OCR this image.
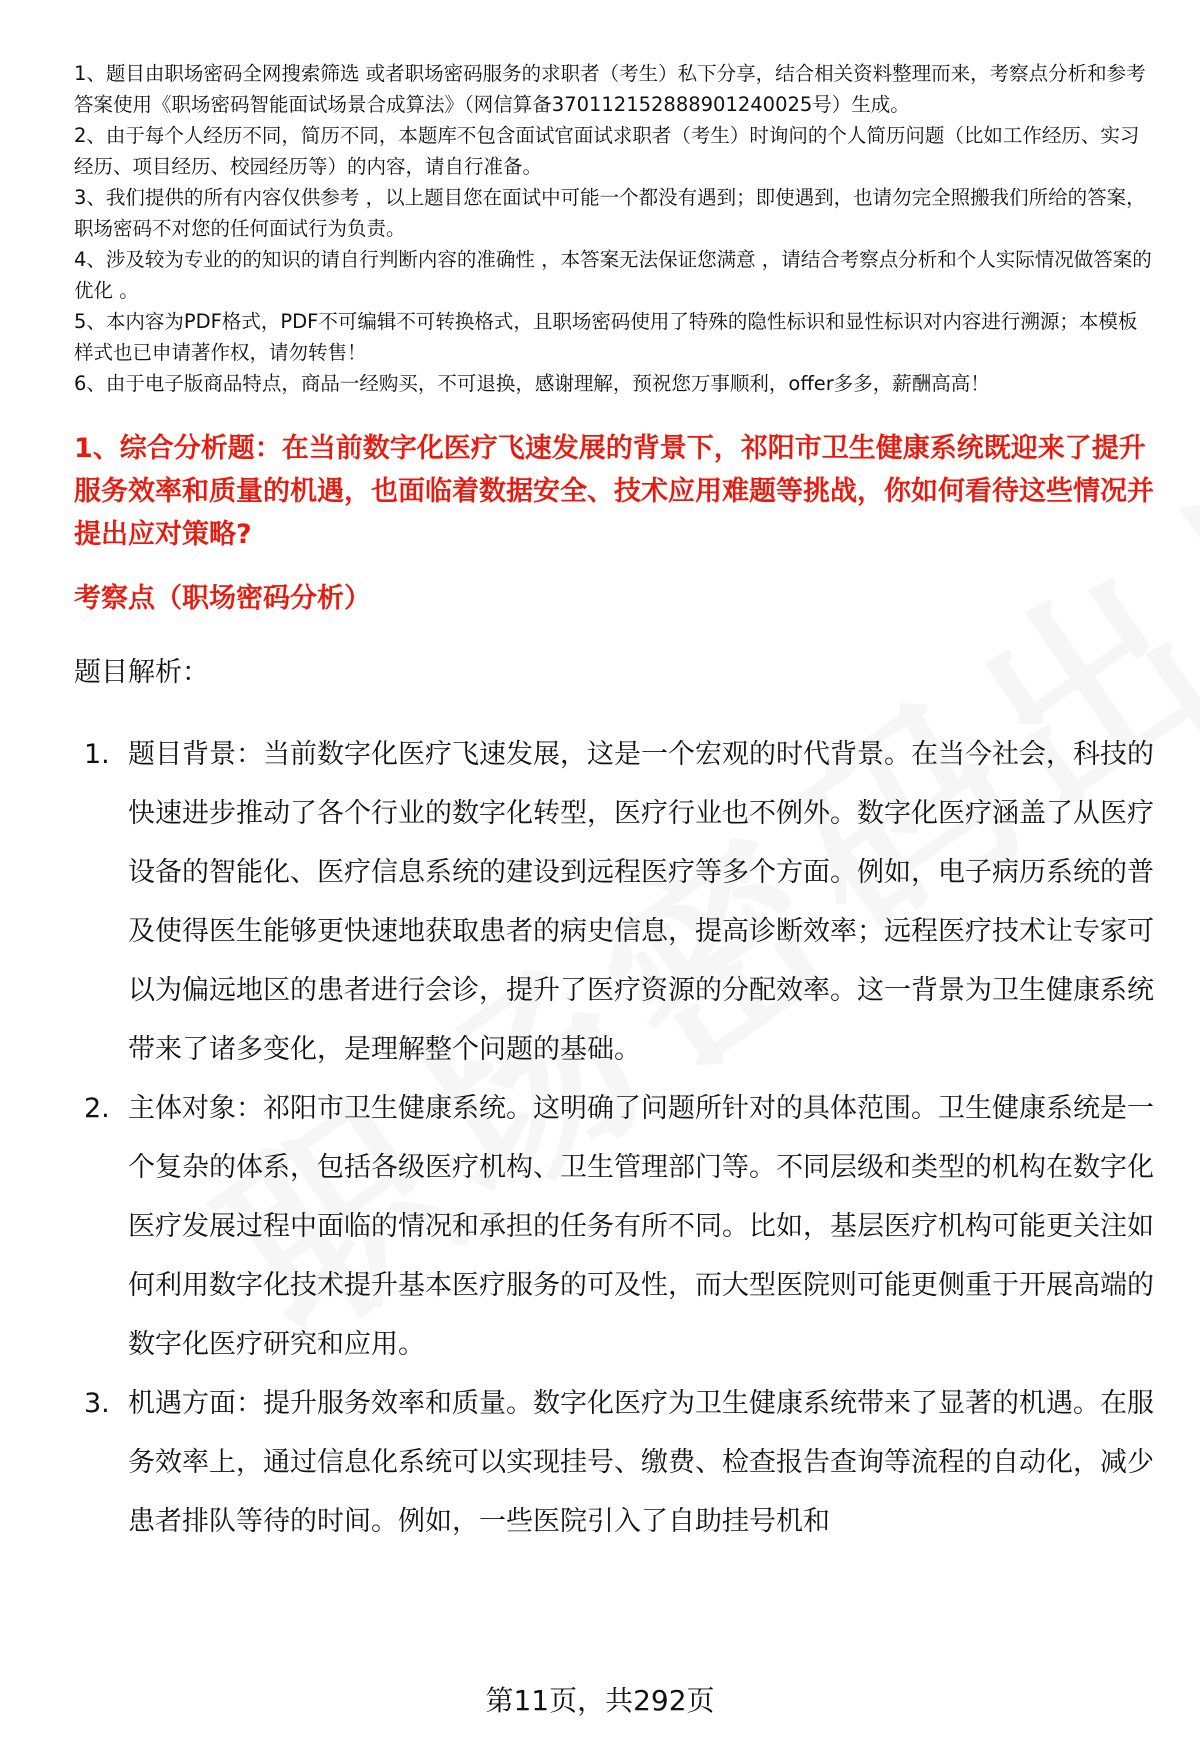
1、题目由职场密码全网搜索筛选 或者职场密码服务的求职者（考生）私下分享，结合相关资料整理而来，考察点分析和参考答案使用《职场密码智能面试场景合成算法》（网信算备370112152888901240025号）生成。

2、由于每个人经历不同，简历不同，本题库不包含面试官面试求职者（考生）时询问的个人简历问题（比如工作经历、实习经历、项目经历、校园经历等）的内容，请自行准备。

3、我们提供的所有内容仅供参考 ，以上题目您在面试中可能一个都没有遇到；即使遇到，也请勿完全照搬我们所给的答案，职场密码不对您的任何面试行为负责。

4、涉及较为专业的的知识的请自行判断内容的准确性 ，本答案无法保证您满意 ，请结合考察点分析和个人实际情况做答案的优化 。

5、本内容为PDF格式，PDF不可编辑不可转换格式，且职场密码使用了特殊的隐性标识和显性标识对内容进行溯源；本模板样式也已申请著作权，请勿转售！

6、由于电子版商品特点，商品一经购买，不可退换，感谢理解，预祝您万事顺利，offer多多，薪酬高高！

1、综合分析题：在当前数字化医疗飞速发展的背景下，祁阳市卫生健康系统既迎来了提升服务效率和质量的机遇，也面临着数据安全、技术应用难题等挑战，你如何看待这些情况并提出应对策略?
考察点（职场密码分析）
题目解析：
1. 题目背景：当前数字化医疗飞速发展，这是一个宏观的时代背景。在当今社会，科技的快速进步推动了各个行业的数字化转型，医疗行业也不例外。数字化医疗涵盖了从医疗设备的智能化、医疗信息系统的建设到远程医疗等多个方面。例如，电子病历系统的普及使得医生能够更快速地获取患者的病史信息，提高诊断效率；远程医疗技术让专家可以为偏远地区的患者进行会诊，提升了医疗资源的分配效率。这一背景为卫生健康系统带来了诸多变化，是理解整个问题的基础。
2. 主体对象：祁阳市卫生健康系统。这明确了问题所针对的具体范围。卫生健康系统是一个复杂的体系，包括各级医疗机构、卫生管理部门等。不同层级和类型的机构在数字化医疗发展过程中面临的情况和承担的任务有所不同。比如，基层医疗机构可能更关注如何利用数字化技术提升基本医疗服务的可及性，而大型医院则可能更侧重于开展高端的数字化医疗研究和应用。
3. 机遇方面：提升服务效率和质量。数字化医疗为卫生健康系统带来了显著的机遇。在服务效率上，通过信息化系统可以实现挂号、缴费、检查报告查询等流程的自动化，减少患者排队等待的时间。例如，一些医院引入了自助挂号机和
第11页，共292页
